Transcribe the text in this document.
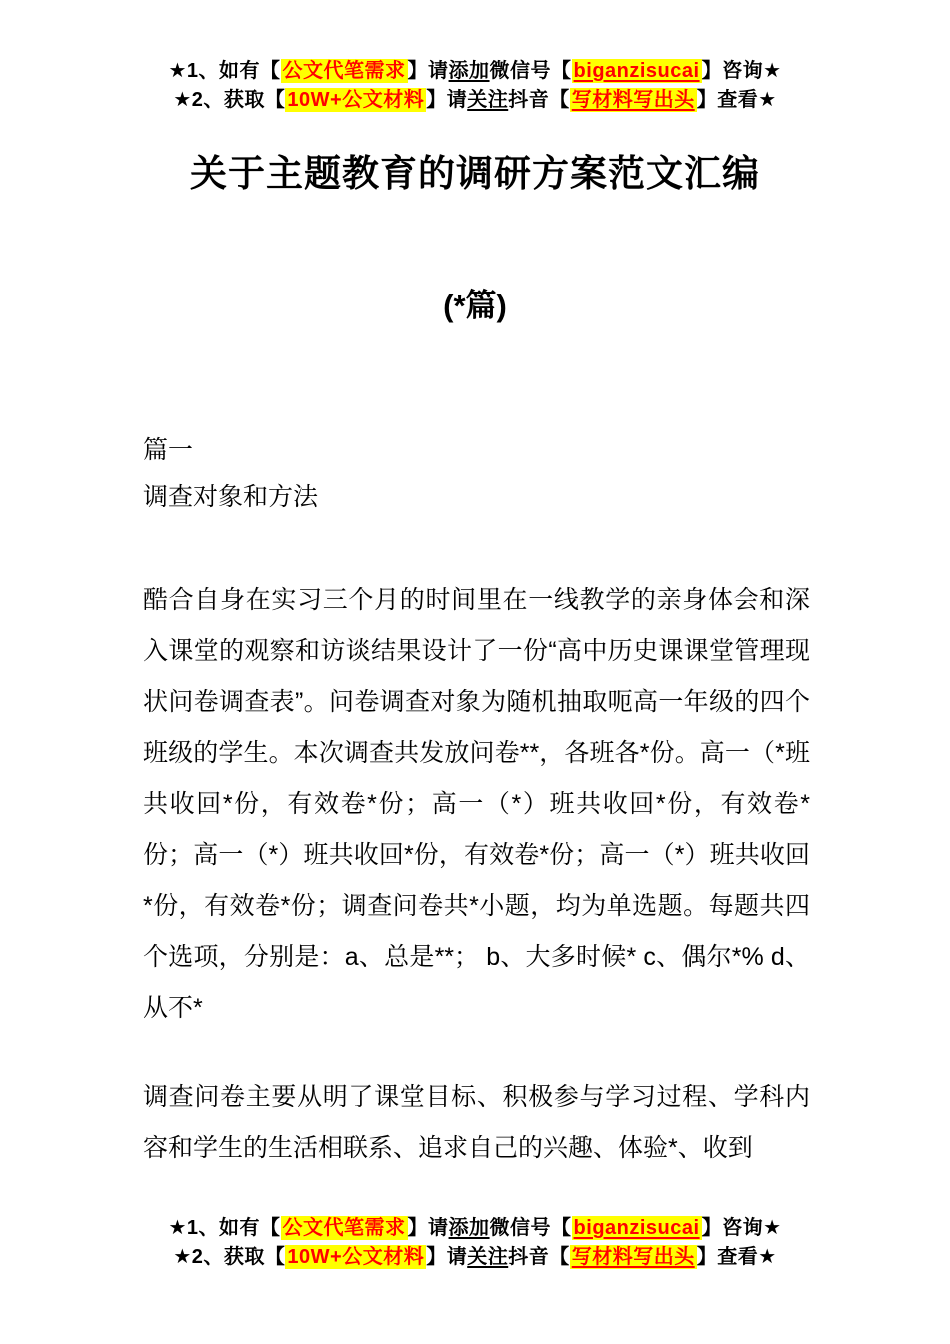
★1、如有【 公文代笔需求 】请添加微信号【 biganzisucai 】咨询★
★2、获取【 10W+公文材料 】请关注抖音【 写材料写出头 】查看★
关于主题教育的调研方案范文汇编
(*篇)
篇一
调查对象和方法

酷合自身在实习三个月的时间里在一线教学的亲身体会和深入课堂的观察和访谈结果设计了一份“高中历史课课堂管理现状问卷调查表”。问卷调查对象为随机抽取呃高一年级的四个班级的学生。本次调查共发放问卷**，各班各*份。高一（*班共收回*份，有效卷*份；高一（*）班共收回*份，有效卷*份；高一（*）班共收回*份，有效卷*份；高一（*）班共收回*份，有效卷*份；调查问卷共*小题，均为单选题。每题共四个选项，分别是：a、总是**； b、大多时候* c、偶尔*% d、从不*

调查问卷主要从明了课堂目标、积极参与学习过程、学科内容和学生的生活相联系、追求自己的兴趣、体验*、收到

★1、如有【 公文代笔需求 】请添加微信号【 biganzisucai 】咨询★
★2、获取【 10W+公文材料 】请关注抖音【 写材料写出头 】查看★
